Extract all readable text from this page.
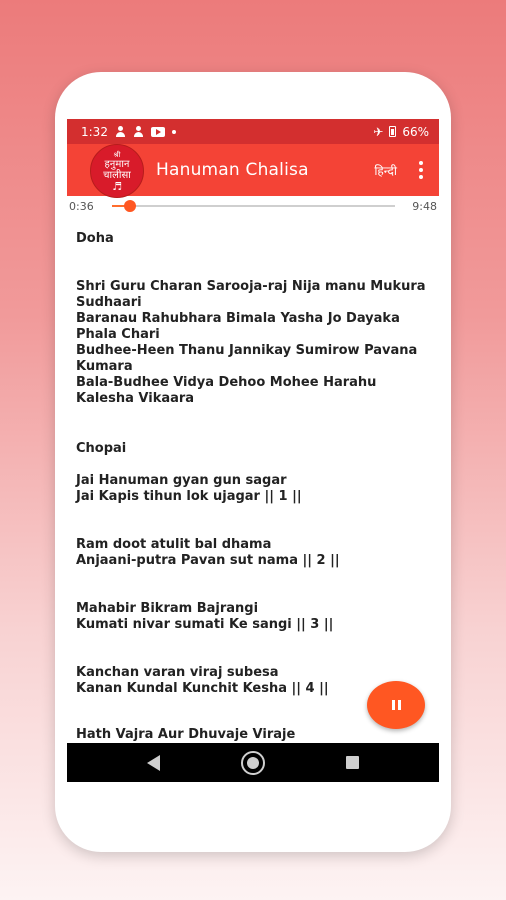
1:32	✈ 66%
श्री
हनुमान
चालीसा
♬
Hanuman Chalisa	हिन्दी
0:36	9:48
Doha
Shri Guru Charan Sarooja-raj Nija manu Mukura Sudhaari
Baranau Rahubhara Bimala Yasha Jo Dayaka Phala Chari
Budhee-Heen Thanu Jannikay Sumirow Pavana Kumara
Bala-Budhee Vidya Dehoo Mohee Harahu Kalesha Vikaara
Chopai
Jai Hanuman gyan gun sagar
Jai Kapis tihun lok ujagar || 1 ||
Ram doot atulit bal dhama
Anjaani-putra Pavan sut nama || 2 ||
Mahabir Bikram Bajrangi
Kumati nivar sumati Ke sangi || 3 ||
Kanchan varan viraj subesa
Kanan Kundal Kunchit Kesha || 4 ||
Hath Vajra Aur Dhuvaje Viraje
